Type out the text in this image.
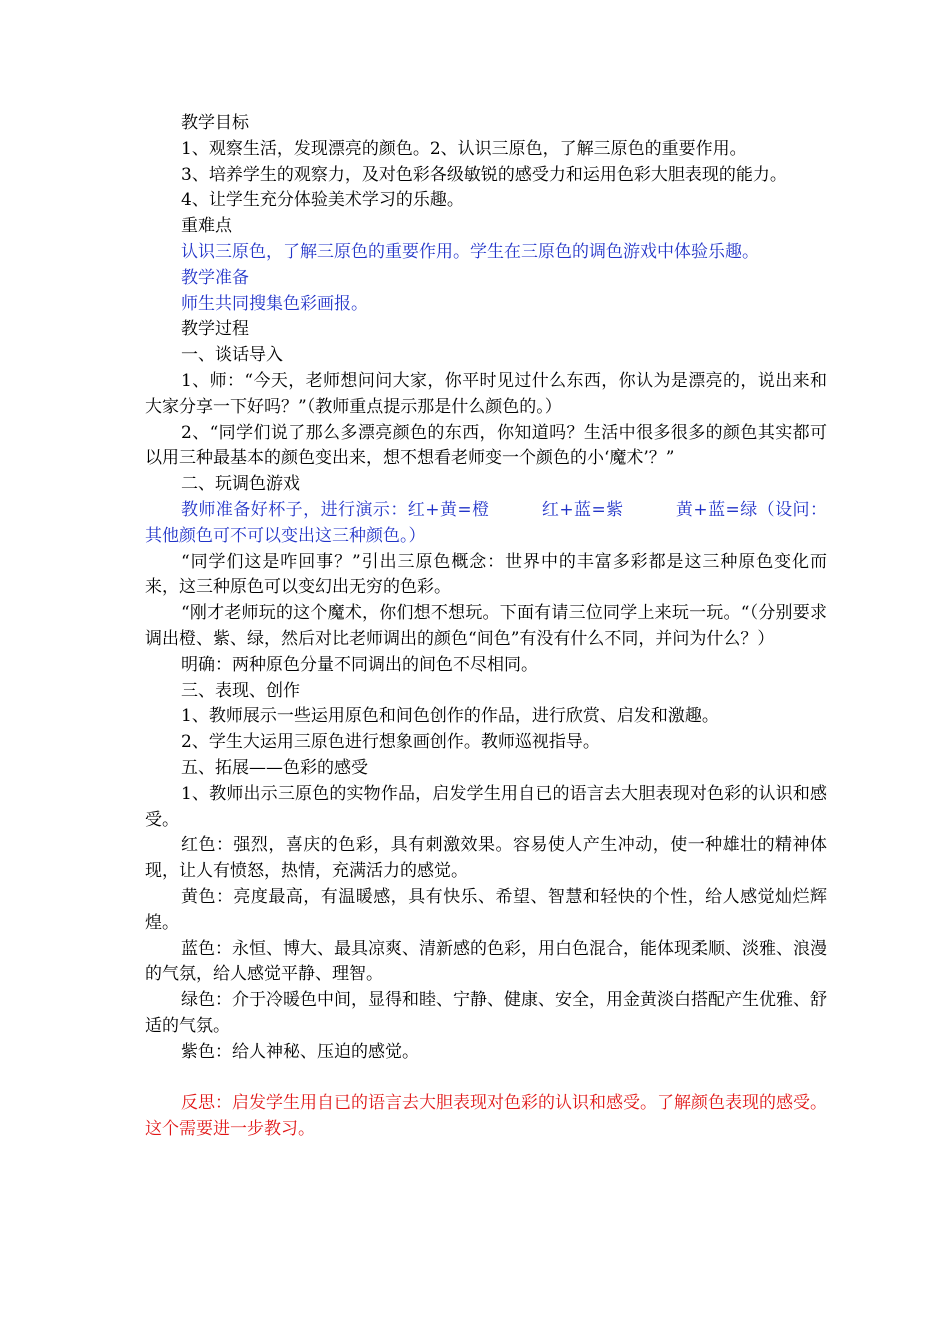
教学目标

1、观察生活，发现漂亮的颜色。2、认识三原色，了解三原色的重要作用。

3、培养学生的观察力，及对色彩各级敏锐的感受力和运用色彩大胆表现的能力。

4、让学生充分体验美术学习的乐趣。

重难点

认识三原色，了解三原色的重要作用。学生在三原色的调色游戏中体验乐趣。

教学准备

师生共同搜集色彩画报。

教学过程

一、谈话导入

1、师：“今天，老师想问问大家，你平时见过什么东西，你认为是漂亮的，说出来和大家分享一下好吗？”（教师重点提示那是什么颜色的。）

2、“同学们说了那么多漂亮颜色的东西，你知道吗？生活中很多很多的颜色其实都可以用三种最基本的颜色变出来，想不想看老师变一个颜色的小‘魔术’？”

二、玩调色游戏

教师准备好杯子，进行演示：红+黄=橙　　　红+蓝=紫　　　黄+蓝=绿（设问：其他颜色可不可以变出这三种颜色。）

“同学们这是咋回事？”引出三原色概念：世界中的丰富多彩都是这三种原色变化而来，这三种原色可以变幻出无穷的色彩。

“刚才老师玩的这个魔术，你们想不想玩。下面有请三位同学上来玩一玩。“（分别要求调出橙、紫、绿，然后对比老师调出的颜色“间色”有没有什么不同，并问为什么？）

明确：两种原色分量不同调出的间色不尽相同。

三、表现、创作

1、教师展示一些运用原色和间色创作的作品，进行欣赏、启发和激趣。

2、学生大运用三原色进行想象画创作。教师巡视指导。

五、拓展——色彩的感受

1、教师出示三原色的实物作品，启发学生用自已的语言去大胆表现对色彩的认识和感受。

红色：强烈，喜庆的色彩，具有刺激效果。容易使人产生冲动，使一种雄壮的精神体现，让人有愤怒，热情，充满活力的感觉。

黄色：亮度最高，有温暖感，具有快乐、希望、智慧和轻快的个性，给人感觉灿烂辉煌。

蓝色：永恒、博大、最具凉爽、清新感的色彩，用白色混合，能体现柔顺、淡雅、浪漫的气氛，给人感觉平静、理智。

绿色：介于冷暖色中间，显得和睦、宁静、健康、安全，用金黄淡白搭配产生优雅、舒适的气氛。

紫色：给人神秘、压迫的感觉。

反思：启发学生用自已的语言去大胆表现对色彩的认识和感受。了解颜色表现的感受。这个需要进一步教习。
